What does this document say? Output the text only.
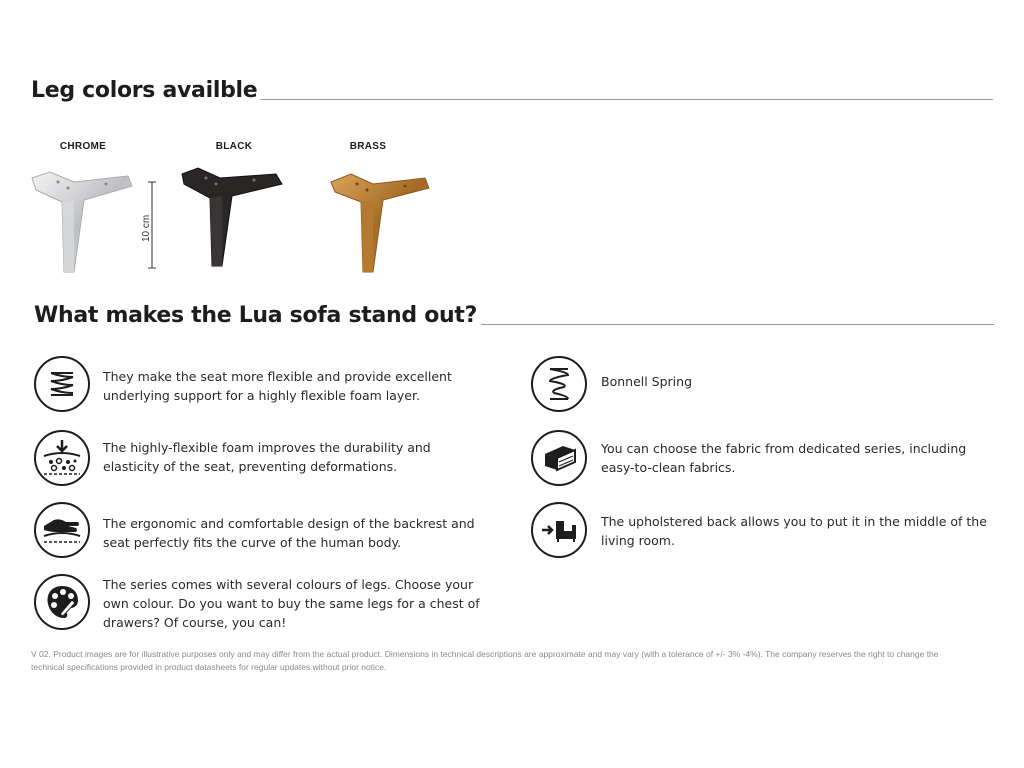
Leg colors availble
CHROME	BLACK	BRASS
10 cm
What makes the Lua sofa stand out?
They make the seat more flexible and provide excellent underlying support for a highly flexible foam layer.
The highly-flexible foam improves the durability and elasticity of the seat, preventing deformations.
The ergonomic and comfortable design of the backrest and seat perfectly fits the curve of the human body.
The series comes with several colours of legs. Choose your own colour. Do you want to buy the same legs for a chest of drawers? Of course, you can!
Bonnell Spring
You can choose the fabric from dedicated series, including easy-to-clean fabrics.
The upholstered back allows you to put it in the middle of the living room.
V 02. Product images are for illustrative purposes only and may differ from the actual product. Dimensions in technical descriptions are approximate and may vary (with a tolerance of +/- 3% -4%). The company reserves the right to change the technical specifications provided in product datasheets for regular updates without prior notice.
